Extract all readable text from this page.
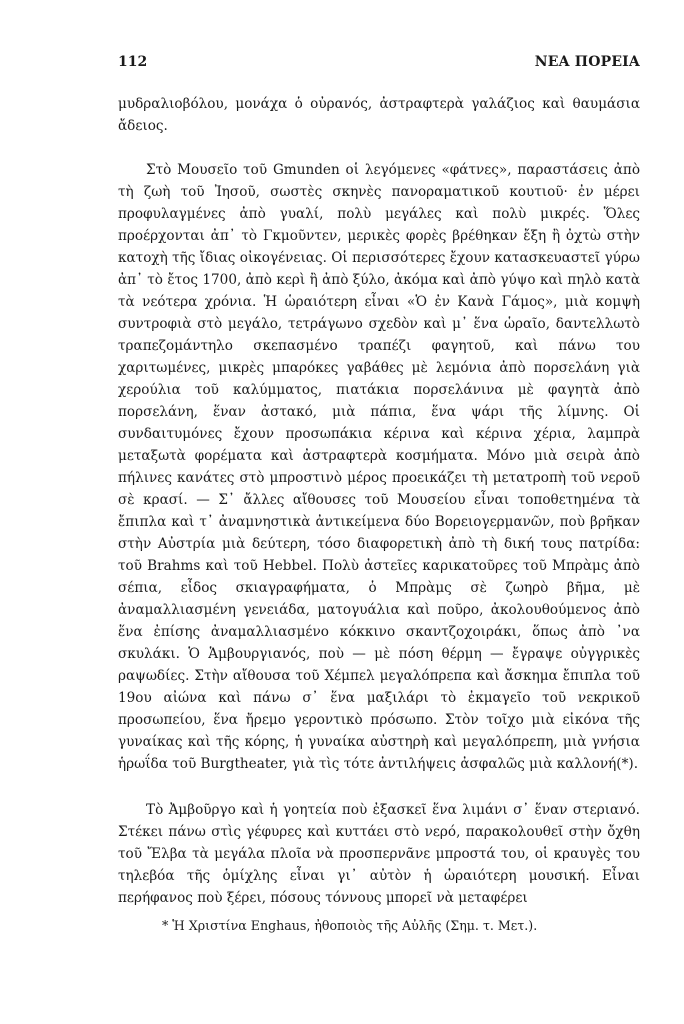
112	ΝΕΑ ΠΟΡΕΙΑ

μυδραλιοβόλου, μονάχα ὁ οὐρανός, ἀστραφτερὰ γαλάζιος καὶ θαυμάσια ἄδειος.

Στὸ Μουσεῖο τοῦ Gmunden οἱ λεγόμενες «φάτνες», παραστάσεις ἀπὸ τὴ ζωὴ τοῦ Ἰησοῦ, σωστὲς σκηνὲς πανοραματικοῦ κουτιοῦ· ἐν μέρει προφυλαγμένες ἀπὸ γυαλί, πολὺ μεγάλες καὶ πολὺ μικρές. Ὅλες προέρχονται ἀπ᾽ τὸ Γκμοῦντεν, μερικὲς φορὲς βρέθηκαν ἔξη ἢ ὀχτὼ στὴν κατοχὴ τῆς ἴδιας οἰκογένειας. Οἱ περισσότερες ἔχουν κατασκευαστεῖ γύρω ἀπ᾽ τὸ ἔτος 1700, ἀπὸ κερὶ ἢ ἀπὸ ξύλο, ἀκόμα καὶ ἀπὸ γύψο καὶ πηλὸ κατὰ τὰ νεότερα χρόνια. Ἡ ὡραιότερη εἶναι «Ὁ ἐν Κανὰ Γάμος», μιὰ κομψὴ συντροφιὰ στὸ μεγάλο, τετράγωνο σχεδὸν καὶ μ᾽ ἕνα ὡραῖο, δαντελλωτὸ τραπεζομάντηλο σκεπασμένο τραπέζι φαγητοῦ, καὶ πάνω του χαριτωμένες, μικρὲς μπαρόκες γαβάθες μὲ λεμόνια ἀπὸ πορσελάνη γιὰ χερούλια τοῦ καλύμματος, πιατάκια πορσελάνινα μὲ φαγητὰ ἀπὸ πορσελάνη, ἕναν ἀστακό, μιὰ πάπια, ἕνα ψάρι τῆς λίμνης. Οἱ συνδαιτυμόνες ἔχουν προσωπάκια κέρινα καὶ κέρινα χέρια, λαμπρὰ μεταξωτὰ φορέματα καὶ ἀστραφτερὰ κοσμήματα. Μόνο μιὰ σειρὰ ἀπὸ πήλινες κανάτες στὸ μπροστινὸ μέρος προεικάζει τὴ μετατροπὴ τοῦ νεροῦ σὲ κρασί. — Σ᾽ ἄλλες αἴθουσες τοῦ Μουσείου εἶναι τοποθετημένα τὰ ἔπιπλα καὶ τ᾽ ἀναμνηστικὰ ἀντικείμενα δύο Βορειογερμανῶν, ποὺ βρῆκαν στὴν Αὐστρία μιὰ δεύτερη, τόσο διαφορετικὴ ἀπὸ τὴ δική τους πατρίδα: τοῦ Brahms καὶ τοῦ Hebbel. Πολὺ ἀστεῖες καρικατοῦρες τοῦ Μπρὰμς ἀπὸ σέπια, εἶδος σκιαγραφήματα, ὁ Μπρὰμς σὲ ζωηρὸ βῆμα, μὲ ἀναμαλλιασμένη γενειάδα, ματογυάλια καὶ ποῦρο, ἀκολουθούμενος ἀπὸ ἕνα ἐπίσης ἀναμαλλιασμένο κόκκινο σκαντζοχοιράκι, ὅπως ἀπὸ ᾽να σκυλάκι. Ὁ Ἁμβουργιανός, ποὺ — μὲ πόση θέρμη — ἔγραψε οὐγγρικὲς ραψωδίες. Στὴν αἴθουσα τοῦ Χέμπελ μεγαλόπρεπα καὶ ἄσκημα ἔπιπλα τοῦ 19ου αἰώνα καὶ πάνω σ᾽ ἕνα μαξιλάρι τὸ ἐκμαγεῖο τοῦ νεκρικοῦ προσωπείου, ἕνα ἤρεμο γεροντικὸ πρόσωπο. Στὸν τοῖχο μιὰ εἰκόνα τῆς γυναίκας καὶ τῆς κόρης, ἡ γυναίκα αὐστηρὴ καὶ μεγαλόπρεπη, μιὰ γνήσια ἡρωΐδα τοῦ Burgtheater, γιὰ τὶς τότε ἀντιλήψεις ἀσφαλῶς μιὰ καλλονή(*).

Τὸ Ἀμβοῦργο καὶ ἡ γοητεία ποὺ ἐξασκεῖ ἕνα λιμάνι σ᾽ ἕναν στεριανό. Στέκει πάνω στὶς γέφυρες καὶ κυττάει στὸ νερό, παρακολουθεῖ στὴν ὄχθη τοῦ Ἔλβα τὰ μεγάλα πλοῖα νὰ προσπερνᾶνε μπροστά του, οἱ κραυγὲς του τηλεβόα τῆς ὁμίχλης εἶναι γι᾽ αὐτὸν ἡ ὡραιότερη μουσική. Εἶναι περήφανος ποὺ ξέρει, πόσους τόννους μπορεῖ νὰ μεταφέρει

* Ἡ Χριστίνα Enghaus, ἠθοποιὸς τῆς Αὐλῆς (Σημ. τ. Μετ.).
